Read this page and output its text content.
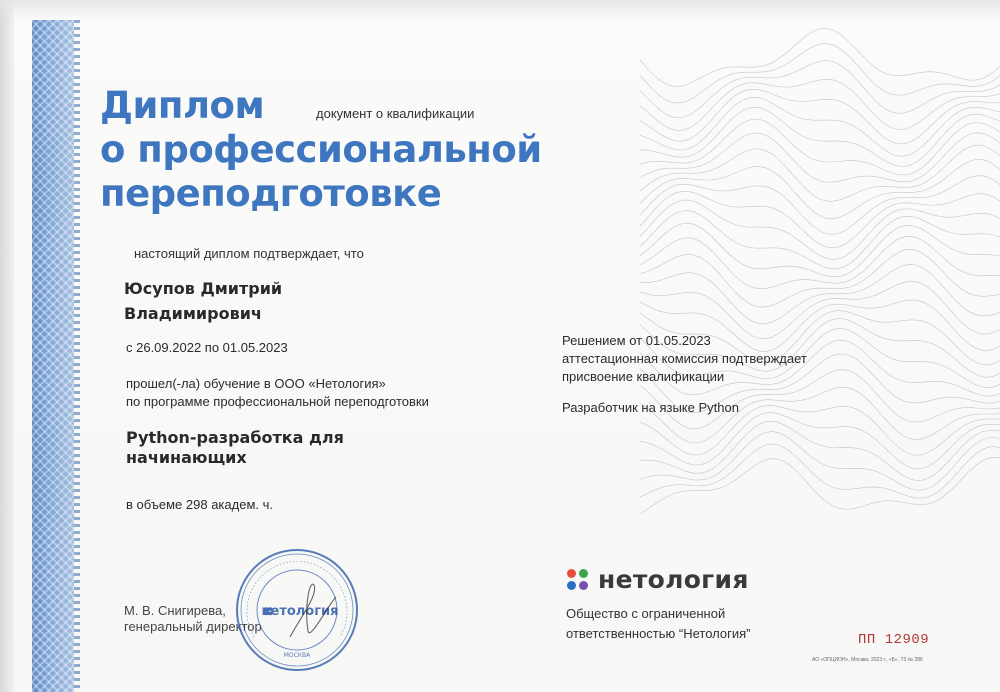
Диплом
о профессиональной
переподготовке
документ о квалификации
настоящий диплом подтверждает, что
Юсупов Дмитрий
Владимирович
с 26.09.2022 по 01.05.2023
прошел(-ла) обучение в ООО «Нетология»
по программе профессиональной переподготовки
Python-разработка для
начинающих
в объеме 298 академ. ч.
М. В. Снигирева,
генеральный директор
нетология
МОСКВА
Решением от 01.05.2023
аттестационная комиссия подтверждает
присвоение квалификации
Разработчик на языке Python
нетология
Общество с ограниченной
ответственностью “Нетология”	ПП 12909
АО «ОПЦИОН», Москва, 2023 г., «Б», Т3 № 286
